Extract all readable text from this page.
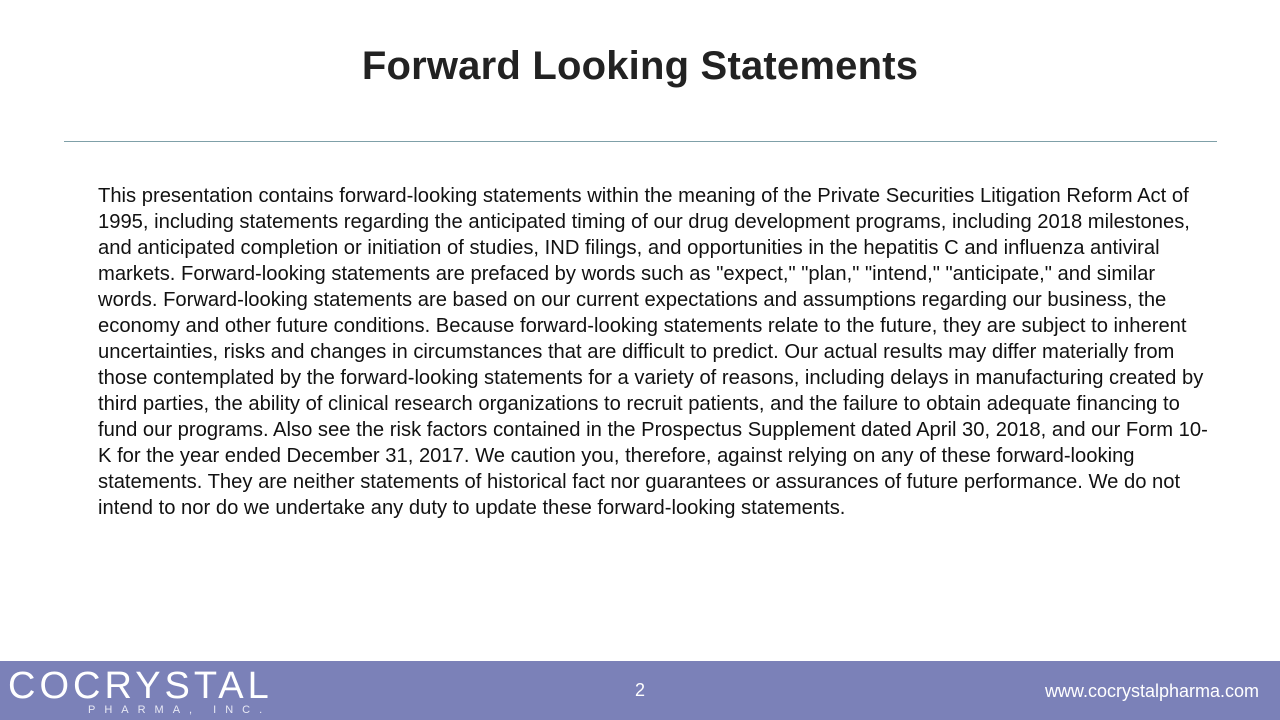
Forward Looking Statements
This presentation contains forward-looking statements within the meaning of the Private Securities Litigation Reform Act of 1995, including statements regarding the anticipated timing of our drug development programs, including 2018 milestones, and anticipated completion or initiation of studies, IND filings, and opportunities in the hepatitis C and influenza antiviral markets. Forward-looking statements are prefaced by words such as "expect," "plan," "intend," "anticipate," and similar words. Forward-looking statements are based on our current expectations and assumptions regarding our business, the economy and other future conditions. Because forward-looking statements relate to the future, they are subject to inherent uncertainties, risks and changes in circumstances that are difficult to predict. Our actual results may differ materially from those contemplated by the forward-looking statements for a variety of reasons, including delays in manufacturing created by third parties, the ability of clinical research organizations to recruit patients, and the failure to obtain adequate financing to fund our programs. Also see the risk factors contained in the Prospectus Supplement dated April 30, 2018, and our Form 10-K for the year ended December 31, 2017. We caution you, therefore, against relying on any of these forward-looking statements. They are neither statements of historical fact nor guarantees or assurances of future performance. We do not intend to nor do we undertake any duty to update these forward-looking statements.
COCRYSTAL
PHARMA, INC.
2	www.cocrystalpharma.com
